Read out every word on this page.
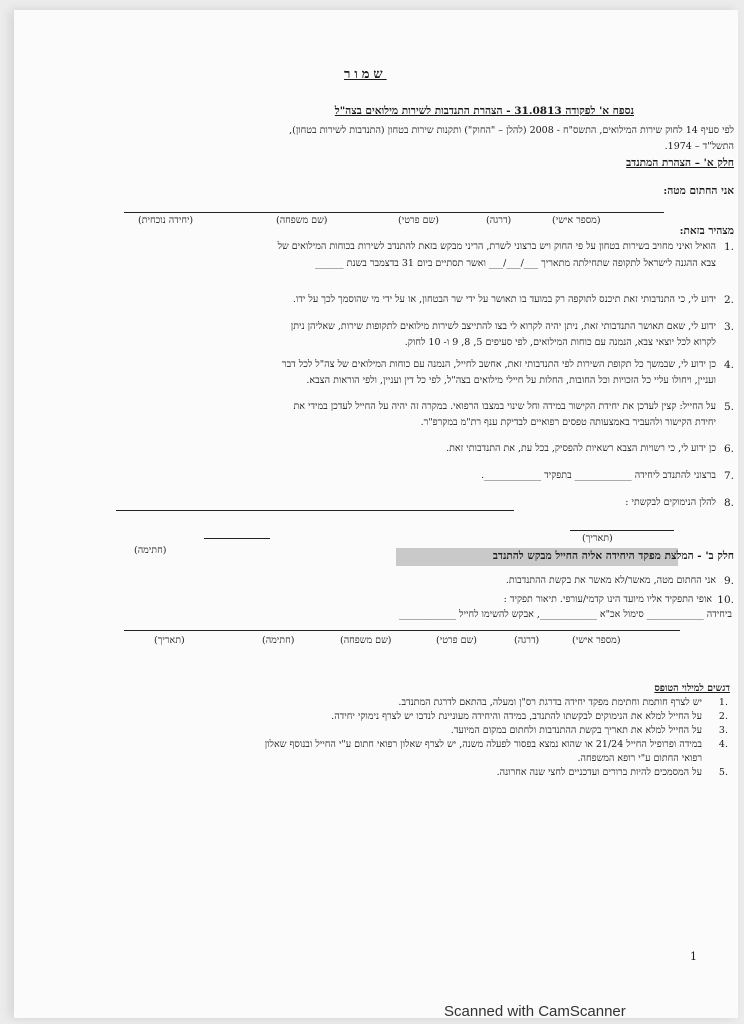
שמור
נספח א' לפקודה 31.0813 - הצהרת התנדבות לשירות מילואים בצה"ל
לפי סעיף 14 לחוק שירות המילואים, התשס"ח - 2008 (להלן – "החוק") ותקנות שירות בטחון (התנדבות לשירות בטחון),
התשל"ד – 1974.
חלק א' – הצהרת המתנדב
אני החתום מטה:
(מספר אישי)
(דרגה)
(שם פרטי)
(שם משפחה)
(יחידה נוכחית)
מצהיר בזאת:
1.
הואיל ואיני מחויב בשירות בטחון על פי החוק ויש ברצוני לשרת, הריני מבקש בזאת להתנדב לשירות בכוחות המילואים של
צבא ההגנה לישראל לתקופה שתחילתה מתאריך ___/___/___ ואשר תסתיים ביום 31 בדצמבר בשנת ______
2.
ידוע לי, כי התנדבותי זאת תיכנס לתוקפה רק במועד בו תאושר על ידי שר הבטחון, או על ידי מי שהוסמך לכך על ידו.
3.
ידוע לי, שאם תאושר התנדבותי זאת, ניתן יהיה לקרוא לי בצו להתייצב לשירות מילואים לתקופות שירות, שאליהן ניתן
לקרוא לכל יוצאי צבא, הנמנה עם כוחות המילואים, לפי סעיפים 5, 8, 9 ו- 10 לחוק.
4.
כן ידוע לי, שבמשך כל תקופת השירות לפי התנדבותי זאת, אחשב לחייל, הנמנה עם כוחות המילואים של צה"ל לכל דבר
ועניין, ויחולו עליי כל הזכויות וכל החובות, החלות על חיילי מילואים בצה"ל, לפי כל דין ועניין, ולפי הוראות הצבא.
5.
על החייל: קצין לעדכן את יחידת הקישור במידה וחל שינוי במצבו הרפואי. במקרה זה יהיה על החייל לעדכן במידי את
יחידת הקישור ולהעביר באמצעותה טפסים רפואיים לבדיקת ענף רת"מ במקרפ"ר.
6.
כן ידוע לי, כי רשויות הצבא רשאיות להפסיק, בכל עת, את התנדבותי זאת.
7.
ברצוני להתנדב ליחידה ____________ בתפקיד ____________.
8.
להלן הנימוקים לבקשתי :
(תאריך)
(חתימה)	חלק ב' - המלצת מפקד היחידה אליה החייל מבקש להתנדב
9.
אני החתום מטה, מאשר/לא מאשר את בקשת ההתנדבות.
10.
אופי התפקיד אליו מיועד הינו קדמי/עורפי. תיאור תפקיד :
ביחידה ____________ סימול אכ"א ____________, אבקש להשימו לחייל ____________
(מספר אישי)
(דרגה)
(שם פרטי)
(שם משפחה)
(חתימה)
(תאריך)
דגשים למילוי הטופס
1.
יש לצרף חותמת וחתימת מפקד יחידה בדרגת רס"ן ומעלה, בהתאם לדרגת המתנדב.
2.
על החייל למלא את הנימוקים לבקשתו להתנדב, במידה והיחידה מעוניינת לנדבו יש לצרף נימוקי יחידה.
3.
על החייל למלא את תאריך בקשת ההתנדבות ולחתום במקום המיועד.
4.
במידה ופרופיל החייל 21/24 או שהוא נמצא בפסור לפעלה משנה, יש לצרף שאלון רפואי חתום ע"י החייל ובנוסף שאלון
רפואי החתום ע"י רופא המשפחה.
5.
על המסמכים להיות ברורים ועדכניים לחצי שנה אחרונה.
1
Scanned with CamScanner
